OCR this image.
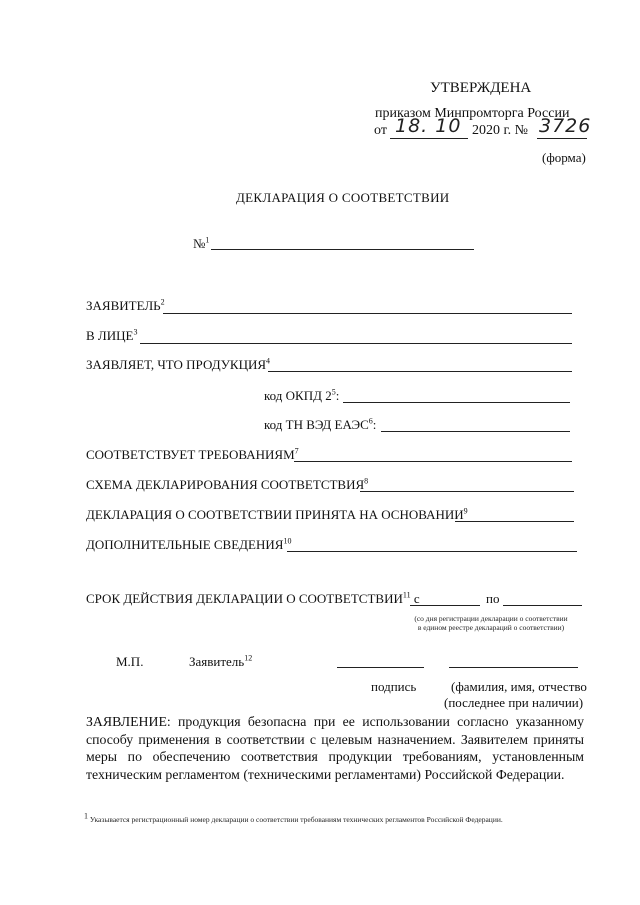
УТВЕРЖДЕНА
приказом Минпромторга России
от 18. 10 2020 г. № 3726
(форма)
ДЕКЛАРАЦИЯ О СООТВЕТСТВИИ
№$^1$
ЗАЯВИТЕЛЬ$^2$
В ЛИЦЕ$^3$
ЗАЯВЛЯЕТ, ЧТО ПРОДУКЦИЯ$^4$
код ОКПД $2^5$:
код ТН ВЭД ЕАЭС$^6$:
СООТВЕТСТВУЕТ ТРЕБОВАНИЯМ$^7$
СХЕМА ДЕКЛАРИРОВАНИЯ СООТВЕТСТВИЯ$^8$
ДЕКЛАРАЦИЯ О СООТВЕТСТВИИ ПРИНЯТА НА ОСНОВАНИИ$^9$
ДОПОЛНИТЕЛЬНЫЕ СВЕДЕНИЯ$^{10}$
СРОК ДЕЙСТВИЯ ДЕКЛАРАЦИИ О СООТВЕТСТВИИ$^{11}$ с	по
(со дня регистрации декларации о соответствии
в едином реестре деклараций о соответствии)
М.П.	Заявитель$^{12}$
подпись	(фамилия, имя, отчество
(последнее при наличии)
ЗАЯВЛЕНИЕ: продукция безопасна при ее использовании согласно указанному способу применения в соответствии с целевым назначением. Заявителем приняты меры по обеспечению соответствия продукции требованиям, установленным техническим регламентом (техническими регламентами) Российской Федерации.
$^1$ Указывается регистрационный номер декларации о соответствии требованиям технических регламентов Российской Федерации.
